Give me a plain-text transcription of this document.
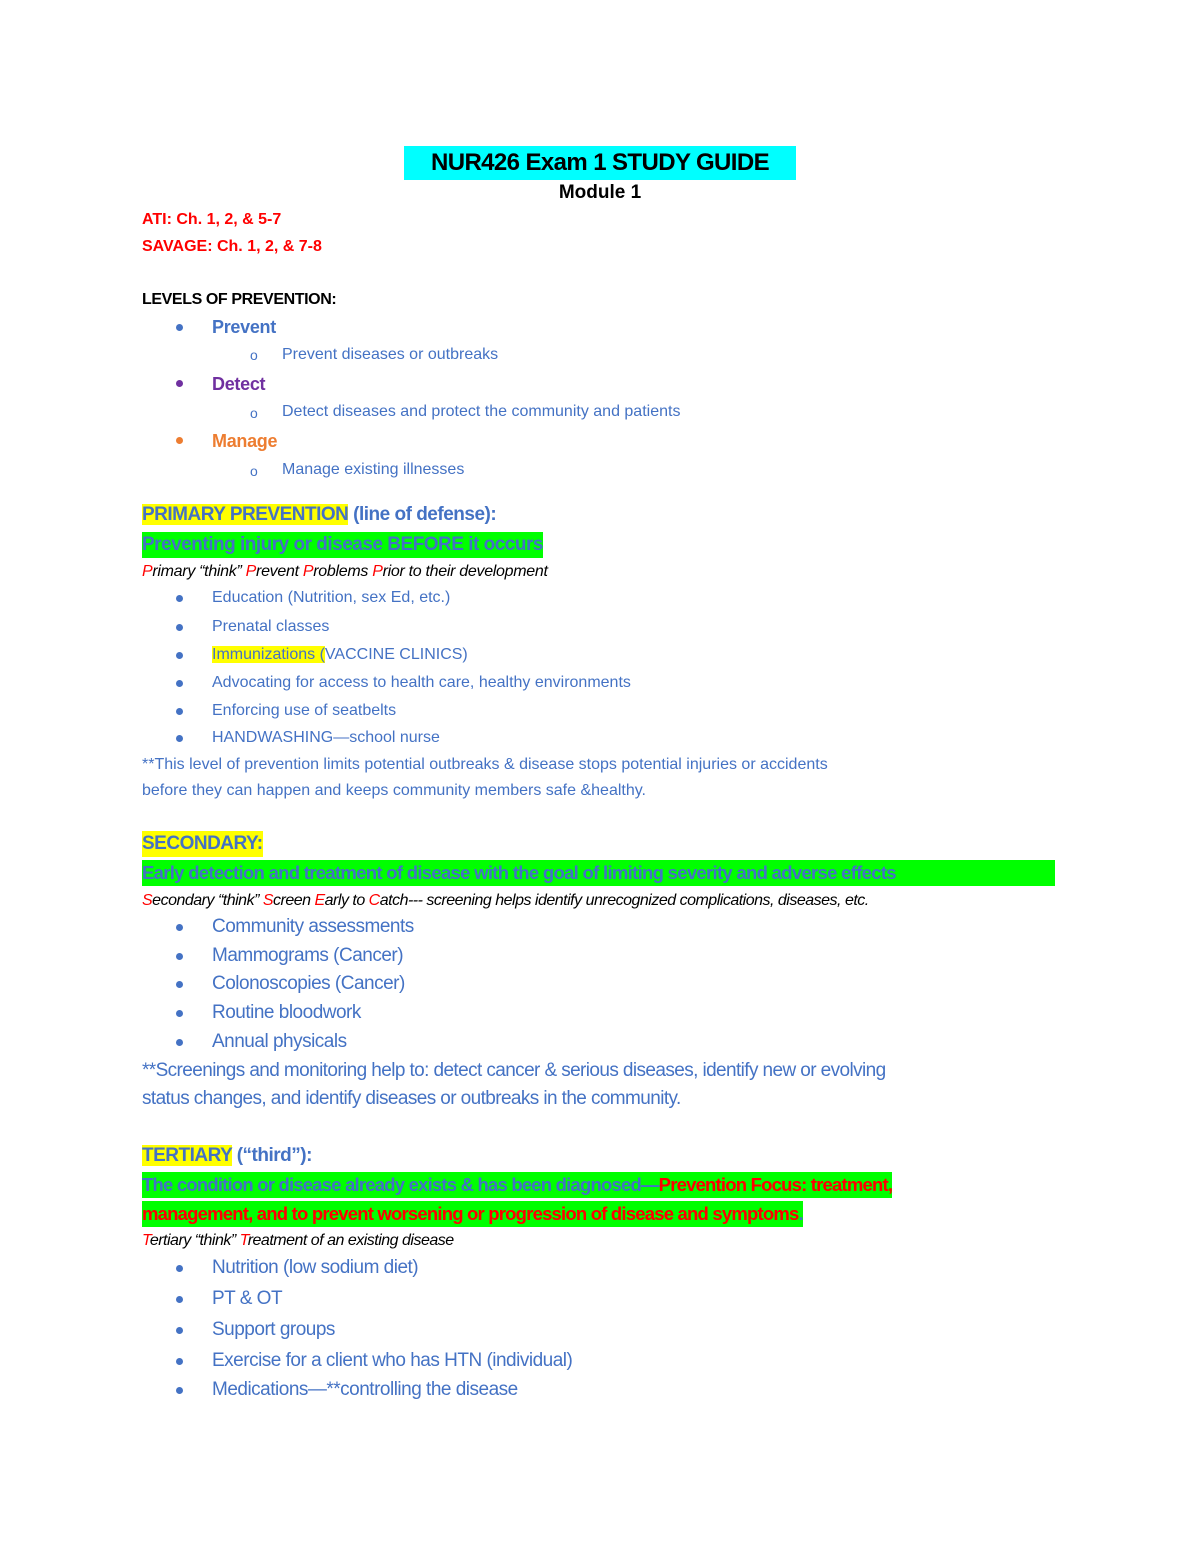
NUR426 Exam 1 STUDY GUIDE
Module 1
ATI: Ch. 1, 2, & 5-7
SAVAGE: Ch. 1, 2, & 7-8
LEVELS OF PREVENTION:
Prevent
o Prevent diseases or outbreaks
Detect
o Detect diseases and protect the community and patients
Manage
o Manage existing illnesses
PRIMARY PREVENTION (line of defense):
Preventing injury or disease BEFORE it occurs
Primary “think” Prevent Problems Prior to their development
**This level of prevention limits potential outbreaks & disease stops potential injuries or accidents
before they can happen and keeps community members safe &healthy.
SECONDARY:
Early detection and treatment of disease with the goal of limiting severity and adverse effects
Secondary “think” Screen Early to Catch--- screening helps identify unrecognized complications, diseases, etc.
**Screenings and monitoring help to: detect cancer & serious diseases, identify new or evolving
status changes, and identify diseases or outbreaks in the community.
TERTIARY (“third”):
The condition or disease already exists & has been diagnosed—Prevention Focus: treatment,
management, and to prevent worsening or progression of disease and symptoms.
Tertiary “think” Treatment of an existing disease
Education (Nutrition, sex Ed, etc.)
Prenatal classes
Immunizations (VACCINE CLINICS)
Advocating for access to health care, healthy environments
Enforcing use of seatbelts
HANDWASHING—school nurse
Community assessments
Mammograms (Cancer)
Colonoscopies (Cancer)
Routine bloodwork
Annual physicals
Nutrition (low sodium diet)
PT & OT
Support groups
Exercise for a client who has HTN (individual)
Medications—**controlling the disease
